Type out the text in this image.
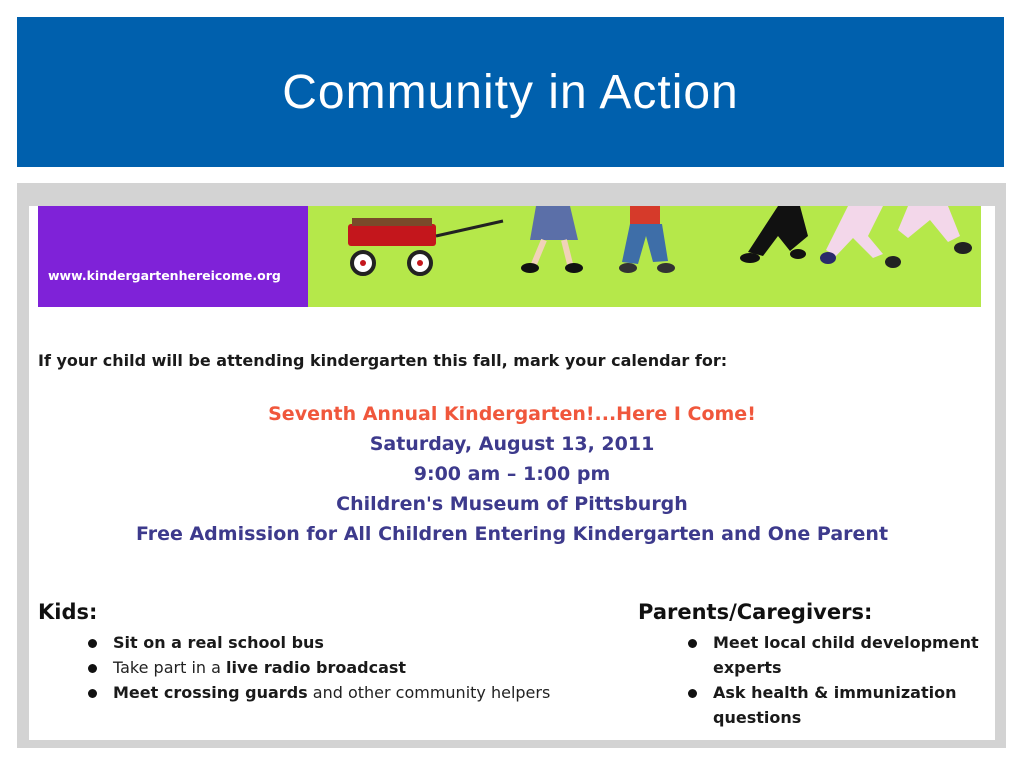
Community in Action
www.kindergartenhereicome.org
If your child will be attending kindergarten this fall, mark your calendar for:
Seventh Annual Kindergarten!...Here I Come!
Saturday, August 13, 2011
9:00 am – 1:00 pm
Children's Museum of Pittsburgh
Free Admission for All Children Entering Kindergarten and One Parent
Kids:
Sit on a real school bus
Take part in a live radio broadcast
Meet crossing guards and other community helpers
Parents/Caregivers:
Meet local child development experts
Ask health & immunization questions
